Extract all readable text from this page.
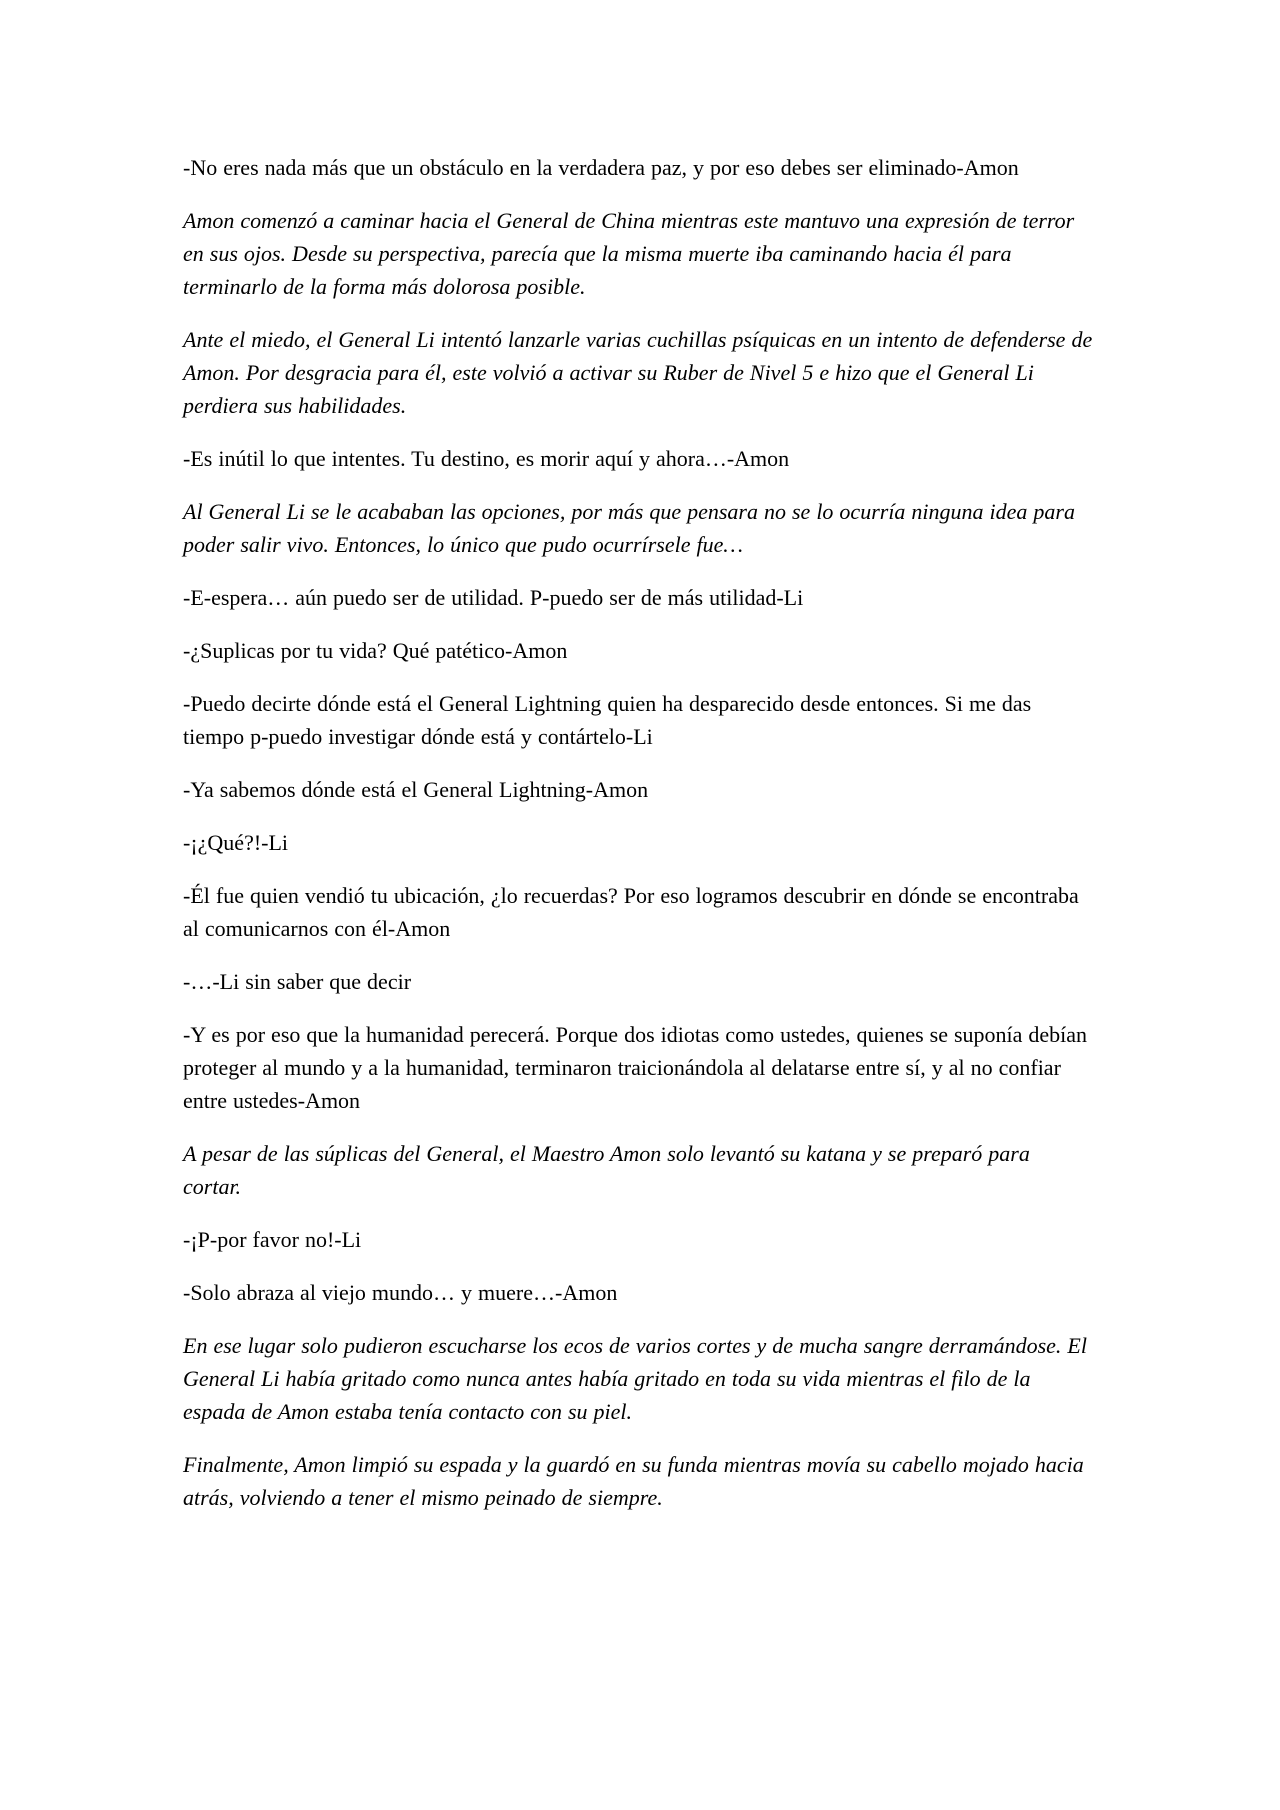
-No eres nada más que un obstáculo en la verdadera paz, y por eso debes ser eliminado-Amon

Amon comenzó a caminar hacia el General de China mientras este mantuvo una expresión de terror en sus ojos. Desde su perspectiva, parecía que la misma muerte iba caminando hacia él para terminarlo de la forma más dolorosa posible.

Ante el miedo, el General Li intentó lanzarle varias cuchillas psíquicas en un intento de defenderse de Amon. Por desgracia para él, este volvió a activar su Ruber de Nivel 5 e hizo que el General Li perdiera sus habilidades.

-Es inútil lo que intentes. Tu destino, es morir aquí y ahora…-Amon

Al General Li se le acababan las opciones, por más que pensara no se lo ocurría ninguna idea para poder salir vivo. Entonces, lo único que pudo ocurrírsele fue…

-E-espera… aún puedo ser de utilidad. P-puedo ser de más utilidad-Li

-¿Suplicas por tu vida? Qué patético-Amon

-Puedo decirte dónde está el General Lightning quien ha desparecido desde entonces. Si me das tiempo p-puedo investigar dónde está y contártelo-Li

-Ya sabemos dónde está el General Lightning-Amon

-¡¿Qué?!-Li

-Él fue quien vendió tu ubicación, ¿lo recuerdas? Por eso logramos descubrir en dónde se encontraba al comunicarnos con él-Amon

-…-Li sin saber que decir

-Y es por eso que la humanidad perecerá. Porque dos idiotas como ustedes, quienes se suponía debían proteger al mundo y a la humanidad, terminaron traicionándola al delatarse entre sí, y al no confiar entre ustedes-Amon

A pesar de las súplicas del General, el Maestro Amon solo levantó su katana y se preparó para cortar.

-¡P-por favor no!-Li

-Solo abraza al viejo mundo… y muere…-Amon

En ese lugar solo pudieron escucharse los ecos de varios cortes y de mucha sangre derramándose. El General Li había gritado como nunca antes había gritado en toda su vida mientras el filo de la espada de Amon estaba tenía contacto con su piel.

Finalmente, Amon limpió su espada y la guardó en su funda mientras movía su cabello mojado hacia atrás, volviendo a tener el mismo peinado de siempre.
